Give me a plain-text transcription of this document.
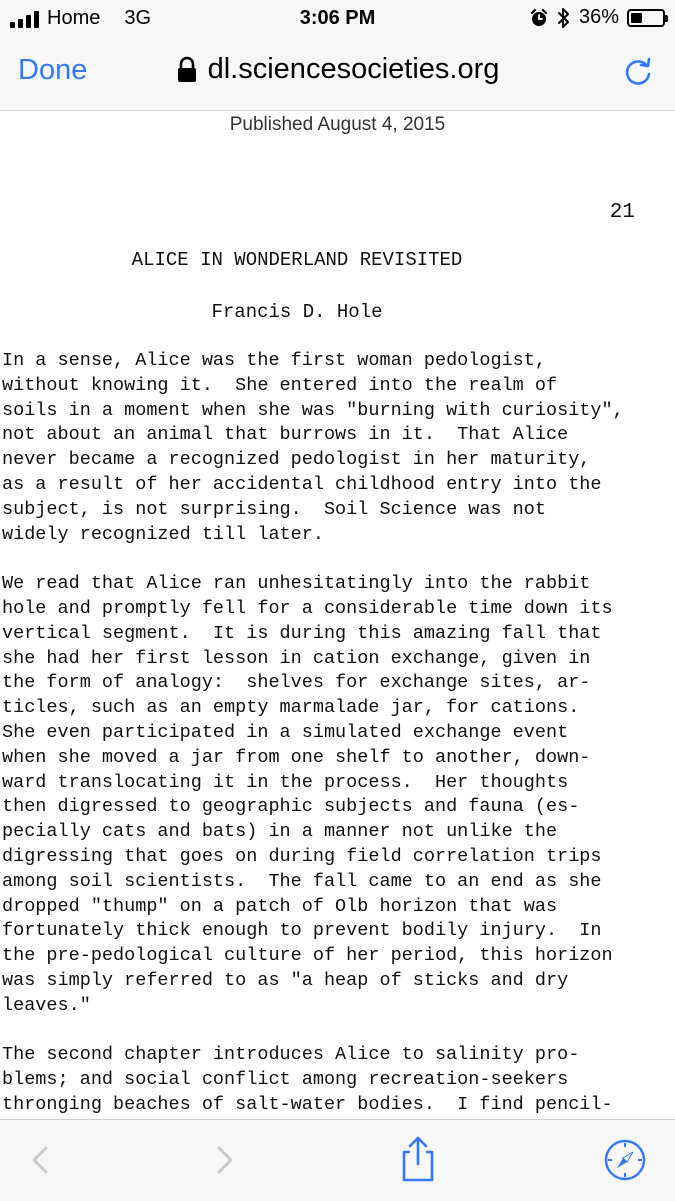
Home 3G	3:06 PM	36%
Done	dl.sciencesocieties.org
Published August 4, 2015
21
ALICE IN WONDERLAND REVISITED
Francis D. Hole
In a sense, Alice was the first woman pedologist,
without knowing it.  She entered into the realm of
soils in a moment when she was "burning with curiosity",
not about an animal that burrows in it.  That Alice
never became a recognized pedologist in her maturity,
as a result of her accidental childhood entry into the
subject, is not surprising.  Soil Science was not
widely recognized till later.
We read that Alice ran unhesitatingly into the rabbit
hole and promptly fell for a considerable time down its
vertical segment.  It is during this amazing fall that
she had her first lesson in cation exchange, given in
the form of analogy:  shelves for exchange sites, ar-
ticles, such as an empty marmalade jar, for cations.
She even participated in a simulated exchange event
when she moved a jar from one shelf to another, down-
ward translocating it in the process.  Her thoughts
then digressed to geographic subjects and fauna (es-
pecially cats and bats) in a manner not unlike the
digressing that goes on during field correlation trips
among soil scientists.  The fall came to an end as she
dropped "thump" on a patch of Olb horizon that was
fortunately thick enough to prevent bodily injury.  In
the pre-pedological culture of her period, this horizon
was simply referred to as "a heap of sticks and dry
leaves."
The second chapter introduces Alice to salinity pro-
blems; and social conflict among recreation-seekers
thronging beaches of salt-water bodies.  I find pencil-
